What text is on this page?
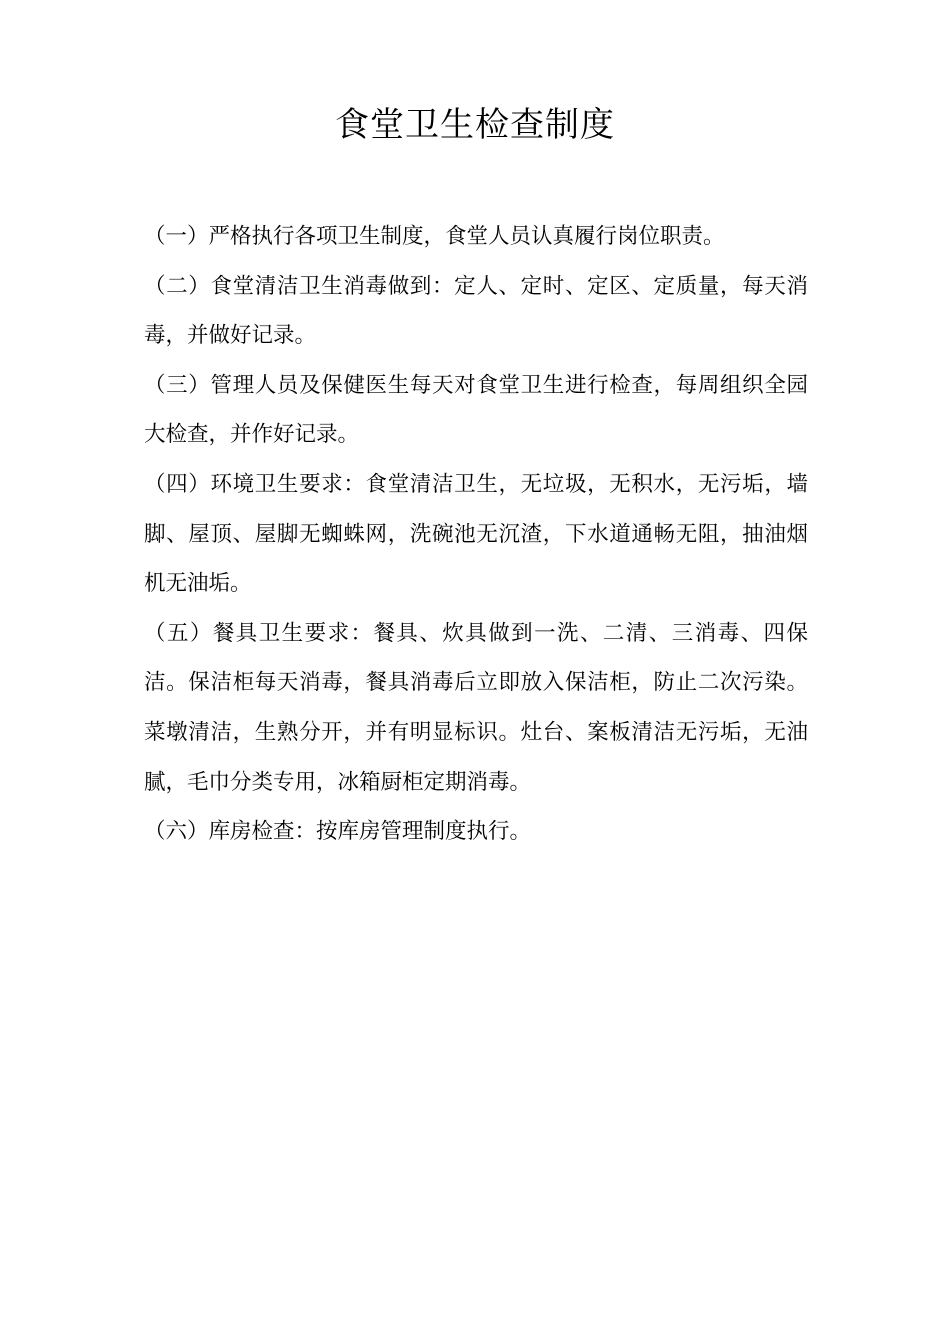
食堂卫生检查制度

（一）严格执行各项卫生制度，食堂人员认真履行岗位职责。

（二）食堂清洁卫生消毒做到：定人、定时、定区、定质量，每天消毒，并做好记录。

（三）管理人员及保健医生每天对食堂卫生进行检查，每周组织全园大检查，并作好记录。

（四）环境卫生要求：食堂清洁卫生，无垃圾，无积水，无污垢，墙脚、屋顶、屋脚无蜘蛛网，洗碗池无沉渣，下水道通畅无阻，抽油烟机无油垢。

（五）餐具卫生要求：餐具、炊具做到一洗、二清、三消毒、四保洁。保洁柜每天消毒，餐具消毒后立即放入保洁柜，防止二次污染。菜墩清洁，生熟分开，并有明显标识。灶台、案板清洁无污垢，无油腻，毛巾分类专用，冰箱厨柜定期消毒。

（六）库房检查：按库房管理制度执行。
